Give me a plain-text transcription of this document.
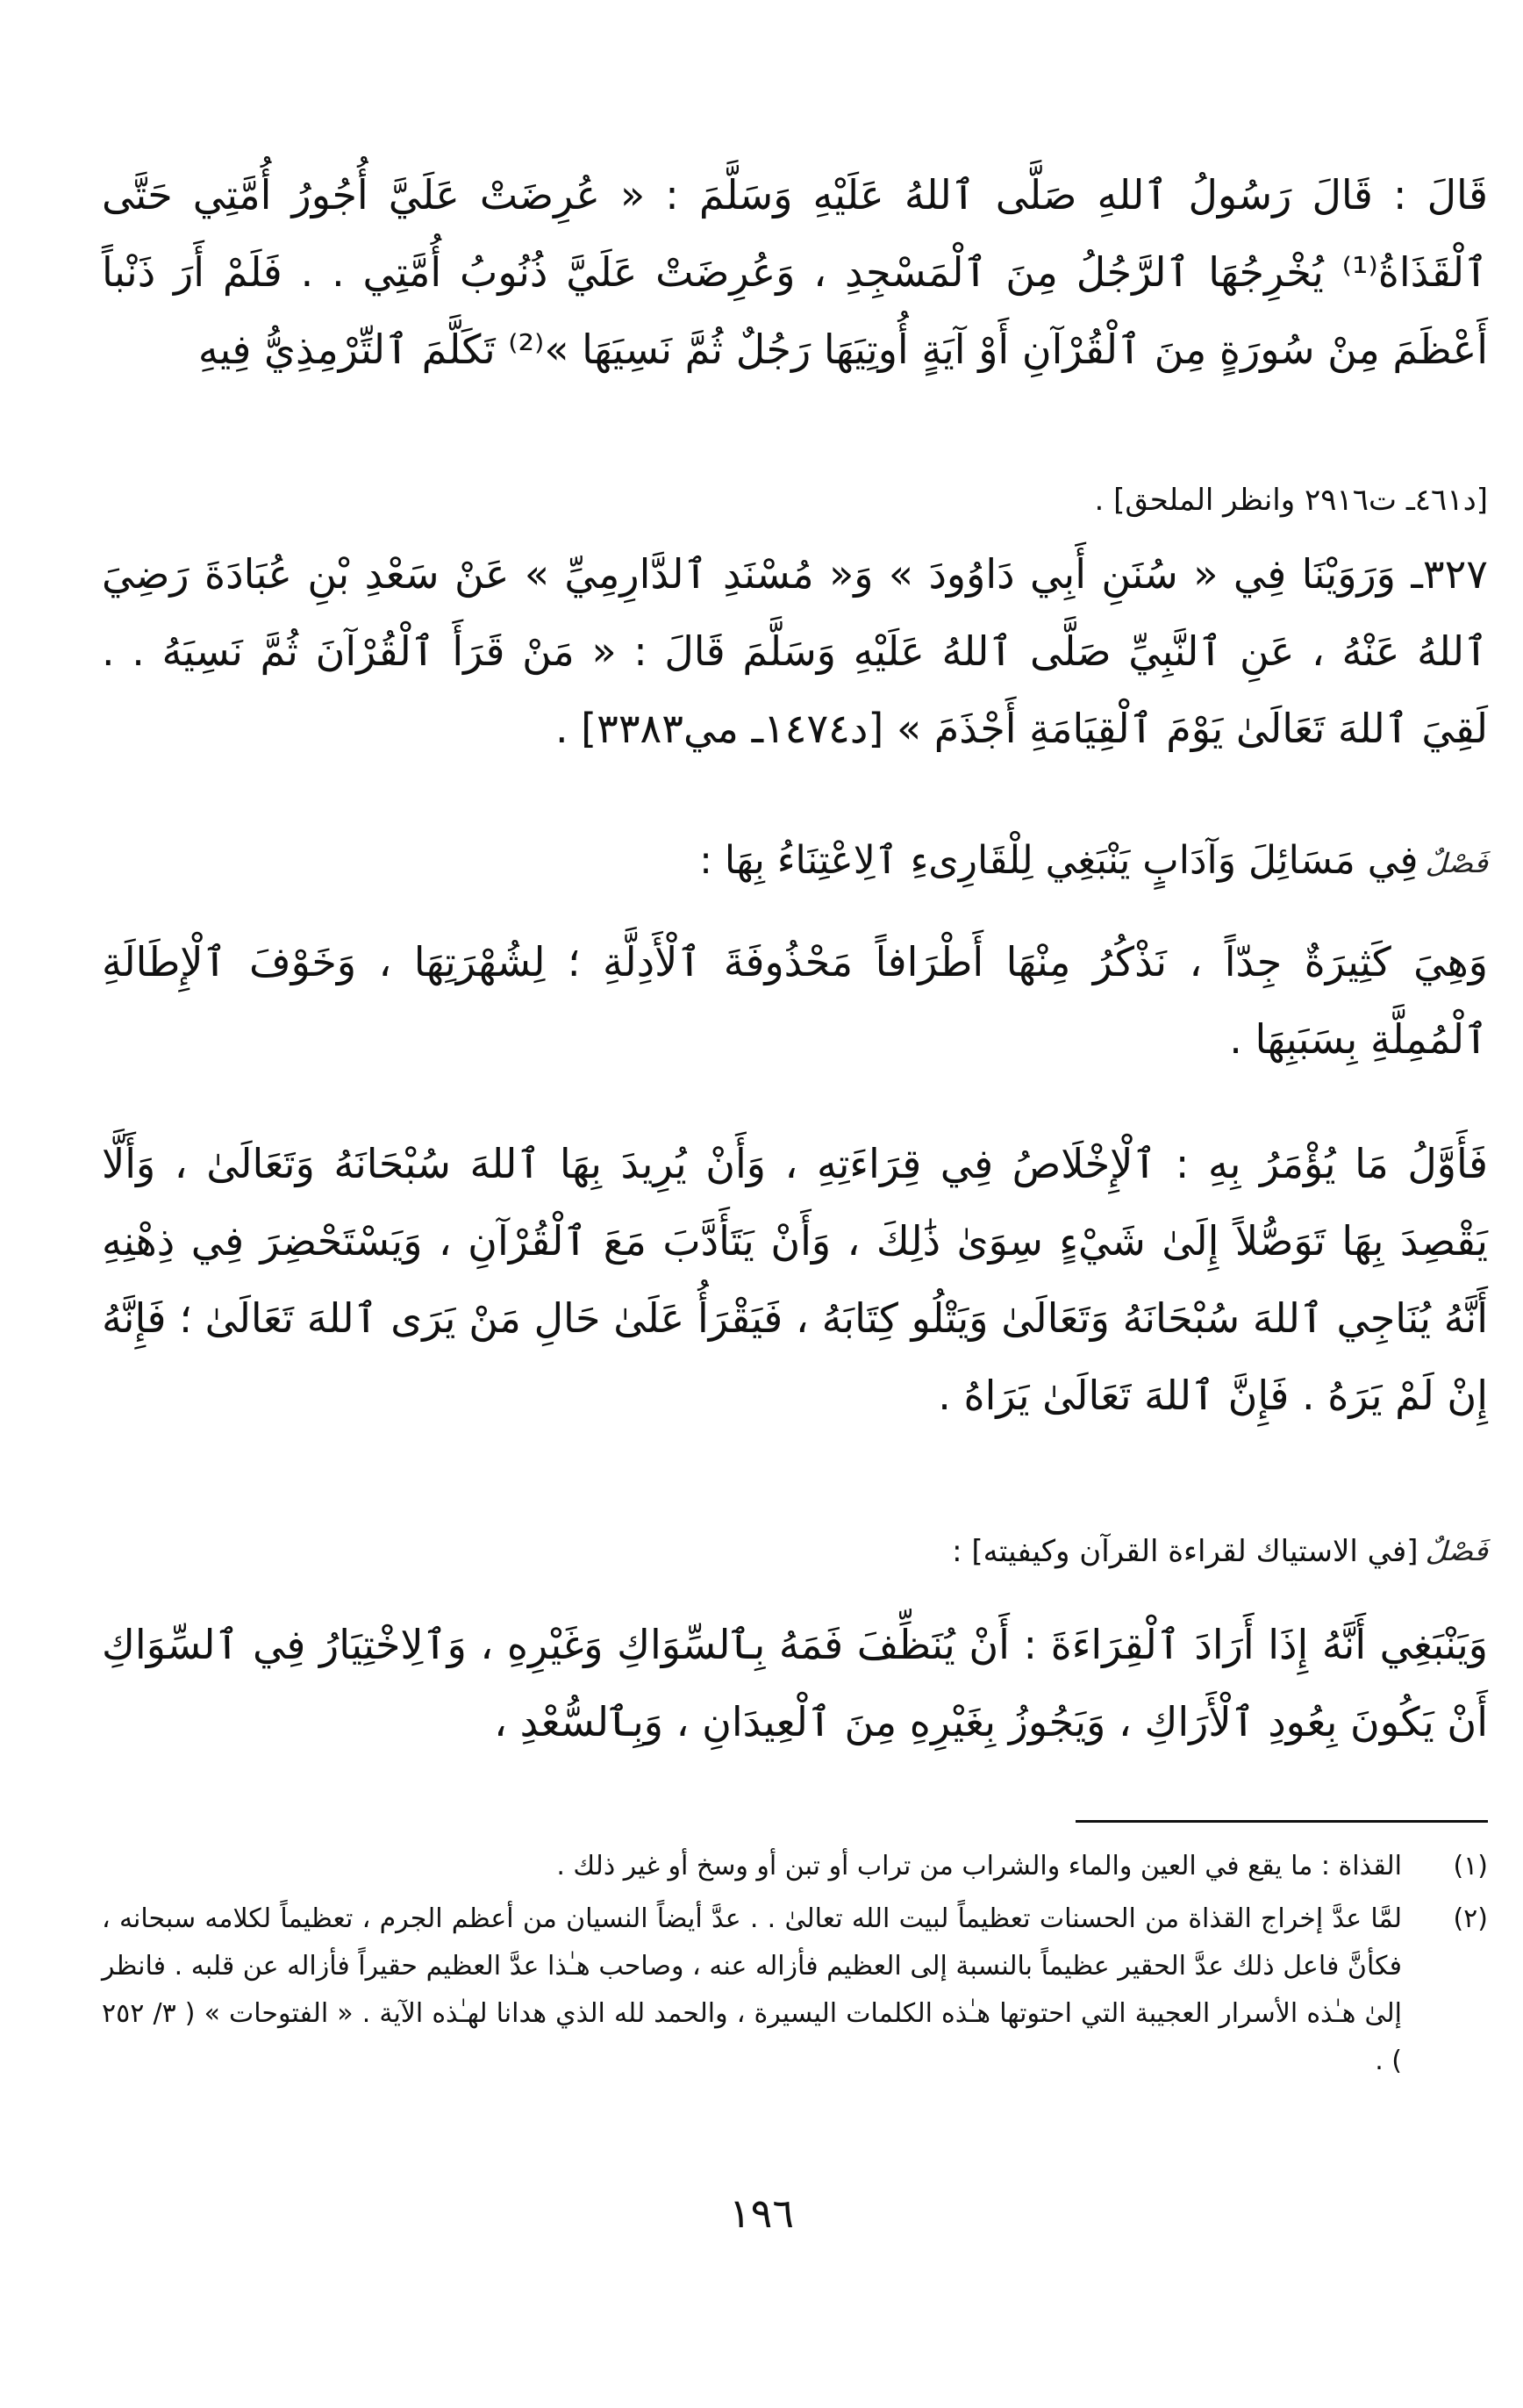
قَالَ : قَالَ رَسُولُ ٱللهِ صَلَّى ٱللهُ عَلَيْهِ وَسَلَّمَ : « عُرِضَتْ عَلَيَّ أُجُورُ أُمَّتِي حَتَّى ٱلْقَذَاةُ⁽¹⁾ يُخْرِجُهَا ٱلرَّجُلُ مِنَ ٱلْمَسْجِدِ ، وَعُرِضَتْ عَلَيَّ ذُنُوبُ أُمَّتِي . . فَلَمْ أَرَ ذَنْباً أَعْظَمَ مِنْ سُورَةٍ مِنَ ٱلْقُرْآنِ أَوْ آيَةٍ أُوتِيَهَا رَجُلٌ ثُمَّ نَسِيَهَا »⁽²⁾ تَكَلَّمَ ٱلتِّرْمِذِيُّ فِيهِ
[د٤٦١ـ ت٢٩١٦ وانظر الملحق] .
٣٢٧ـ وَرَوَيْنَا فِي « سُنَنِ أَبِي دَاوُودَ » وَ« مُسْنَدِ ٱلدَّارِمِيِّ » عَنْ سَعْدِ بْنِ عُبَادَةَ رَضِيَ ٱللهُ عَنْهُ ، عَنِ ٱلنَّبِيِّ صَلَّى ٱللهُ عَلَيْهِ وَسَلَّمَ قَالَ : « مَنْ قَرَأَ ٱلْقُرْآنَ ثُمَّ نَسِيَهُ . . لَقِيَ ٱللهَ تَعَالَىٰ يَوْمَ ٱلْقِيَامَةِ أَجْذَمَ » [د١٤٧٤ـ مي٣٣٨٣] .
فَصْلٌ
فِي مَسَائِلَ وَآدَابٍ يَنْبَغِي لِلْقَارِىءِ ٱلِاعْتِنَاءُ بِهَا :
وَهِيَ كَثِيرَةٌ جِدّاً ، نَذْكُرُ مِنْهَا أَطْرَافاً مَحْذُوفَةَ ٱلْأَدِلَّةِ ؛ لِشُهْرَتِهَا ، وَخَوْفَ ٱلْإِطَالَةِ ٱلْمُمِلَّةِ بِسَبَبِهَا .
فَأَوَّلُ مَا يُؤْمَرُ بِهِ : ٱلْإِخْلَاصُ فِي قِرَاءَتِهِ ، وَأَنْ يُرِيدَ بِهَا ٱللهَ سُبْحَانَهُ وَتَعَالَىٰ ، وَأَلَّا يَقْصِدَ بِهَا تَوَصُّلاً إِلَىٰ شَيْءٍ سِوَىٰ ذَٰلِكَ ، وَأَنْ يَتَأَدَّبَ مَعَ ٱلْقُرْآنِ ، وَيَسْتَحْضِرَ فِي ذِهْنِهِ أَنَّهُ يُنَاجِي ٱللهَ سُبْحَانَهُ وَتَعَالَىٰ وَيَتْلُو كِتَابَهُ ، فَيَقْرَأُ عَلَىٰ حَالِ مَنْ يَرَى ٱللهَ تَعَالَىٰ ؛ فَإِنَّهُ إِنْ لَمْ يَرَهُ . فَإِنَّ ٱللهَ تَعَالَىٰ يَرَاهُ .
فَصْلٌ
[في الاستياك لقراءة القرآن وكيفيته] :
وَيَنْبَغِي أَنَّهُ إِذَا أَرَادَ ٱلْقِرَاءَةَ : أَنْ يُنَظِّفَ فَمَهُ بِٱلسِّوَاكِ وَغَيْرِهِ ، وَٱلِاخْتِيَارُ فِي ٱلسِّوَاكِ أَنْ يَكُونَ بِعُودِ ٱلْأَرَاكِ ، وَيَجُوزُ بِغَيْرِهِ مِنَ ٱلْعِيدَانِ ، وَبِٱلسُّعْدِ ،
(١)
القذاة : ما يقع في العين والماء والشراب من تراب أو تبن أو وسخ أو غير ذلك .
(٢)
لمَّا عدَّ إخراج القذاة من الحسنات تعظيماً لبيت الله تعالىٰ . . عدَّ أيضاً النسيان من أعظم الجرم ، تعظيماً لكلامه سبحانه ، فكأنَّ فاعل ذلك عدَّ الحقير عظيماً بالنسبة إلى العظيم فأزاله عنه ، وصاحب هـٰذا عدَّ العظيم حقيراً فأزاله عن قلبه . فانظر إلىٰ هـٰذه الأسرار العجيبة التي احتوتها هـٰذه الكلمات اليسيرة ، والحمد لله الذي هدانا لهـٰذه الآية . « الفتوحات » ( ٣/ ٢٥٢ ) .
١٩٦
